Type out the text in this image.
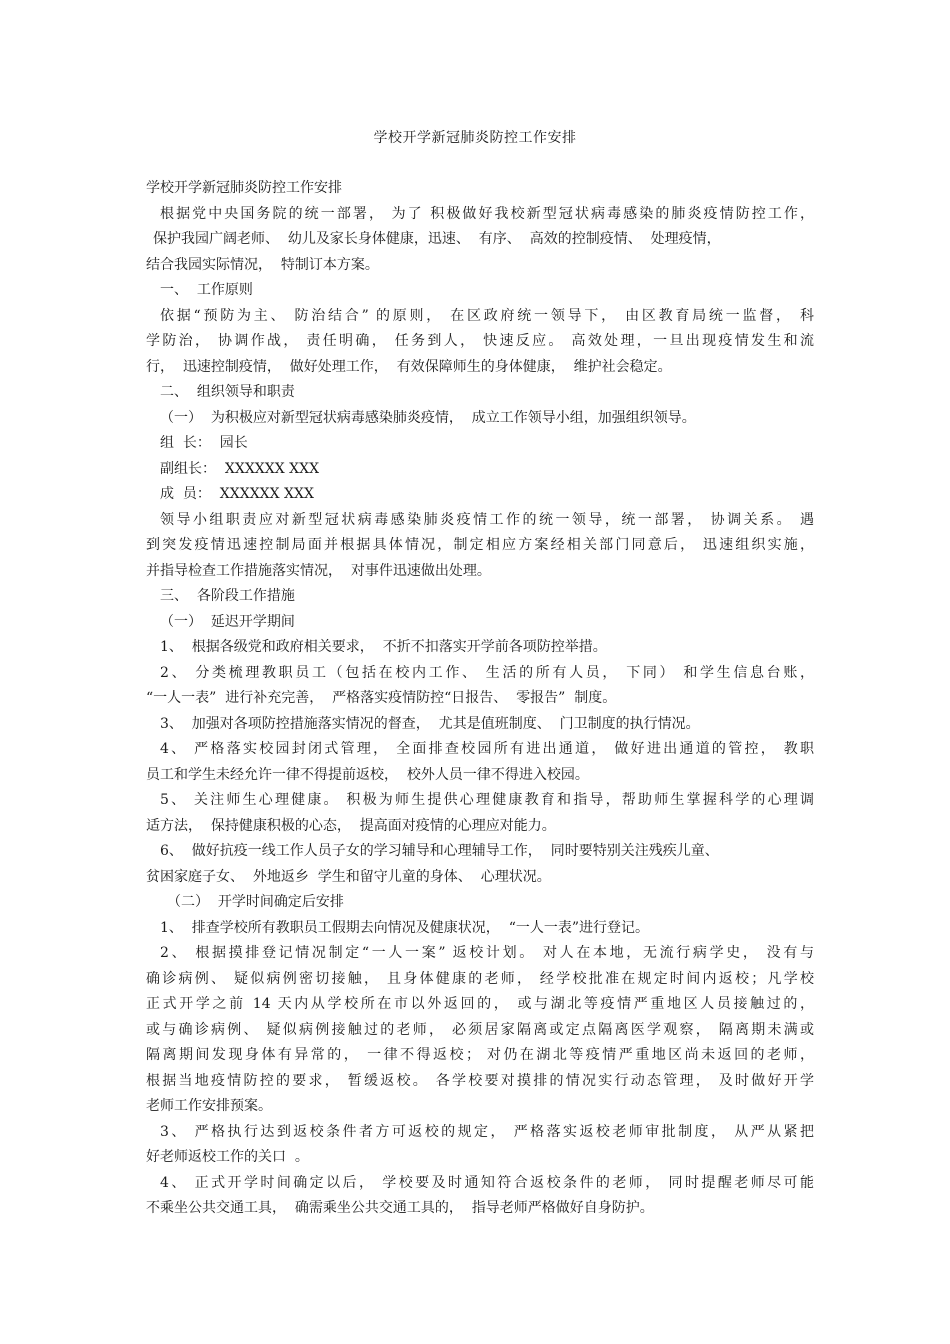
学校开学新冠肺炎防控工作安排
学校开学新冠肺炎防控工作安排
根据党中央国务院的统一部署， 为了 积极做好我校新型冠状病毒感染的肺炎疫情防控工作，
保护我园广阔老师、  幼儿及家长身体健康，迅速、  有序、  高效的控制疫情、  处理疫情，
结合我园实际情况，  特制订本方案。
一、  工作原则
依据“预防为主、 防治结合” 的原则， 在区政府统一领导下， 由区教育局统一监督， 科
学防治， 协调作战， 责任明确， 任务到人， 快速反应。 高效处理，一旦出现疫情发生和流
行，  迅速控制疫情，  做好处理工作，  有效保障师生的身体健康，  维护社会稳定。
二、  组织领导和职责
（一）  为积极应对新型冠状病毒感染肺炎疫情，  成立工作领导小组，加强组织领导。
组  长：  园长
副组长：  XXXXXX XXX
成  员：  XXXXXX XXX
领导小组职责应对新型冠状病毒感染肺炎疫情工作的统一领导，统一部署， 协调关系。 遇
到突发疫情迅速控制局面并根据具体情况，制定相应方案经相关部门同意后， 迅速组织实施，
并指导检查工作措施落实情况，  对事件迅速做出处理。
三、  各阶段工作措施
（一）  延迟开学期间
1、  根据各级党和政府相关要求，  不折不扣落实开学前各项防控举措。
2、 分类梳理教职员工（包括在校内工作、 生活的所有人员， 下同） 和学生信息台账，
“一人一表”  进行补充完善，  严格落实疫情防控“日报告、  零报告”  制度。
3、  加强对各项防控措施落实情况的督查，  尤其是值班制度、  门卫制度的执行情况。
4、 严格落实校园封闭式管理， 全面排查校园所有进出通道， 做好进出通道的管控， 教职
员工和学生未经允许一律不得提前返校，  校外人员一律不得进入校园。
5、 关注师生心理健康。 积极为师生提供心理健康教育和指导，帮助师生掌握科学的心理调
适方法，  保持健康积极的心态，  提高面对疫情的心理应对能力。
6、  做好抗疫一线工作人员子女的学习辅导和心理辅导工作，  同时要特别关注残疾儿童、
贫困家庭子女、  外地返乡  学生和留守儿童的身体、  心理状况。
（二）  开学时间确定后安排
1、  排查学校所有教职员工假期去向情况及健康状况，  “一人一表”进行登记。
2、 根据摸排登记情况制定“一人一案” 返校计划。 对人在本地，无流行病学史， 没有与
确诊病例、 疑似病例密切接触， 且身体健康的老师， 经学校批准在规定时间内返校；凡学校
正式开学之前 14 天内从学校所在市以外返回的， 或与湖北等疫情严重地区人员接触过的，
或与确诊病例、 疑似病例接触过的老师， 必须居家隔离或定点隔离医学观察， 隔离期未满或
隔离期间发现身体有异常的， 一律不得返校； 对仍在湖北等疫情严重地区尚未返回的老师，
根据当地疫情防控的要求， 暂缓返校。 各学校要对摸排的情况实行动态管理， 及时做好开学
老师工作安排预案。
3、 严格执行达到返校条件者方可返校的规定， 严格落实返校老师审批制度， 从严从紧把
好老师返校工作的关口  。
4、 正式开学时间确定以后， 学校要及时通知符合返校条件的老师， 同时提醒老师尽可能
不乘坐公共交通工具，  确需乘坐公共交通工具的，  指导老师严格做好自身防护。
